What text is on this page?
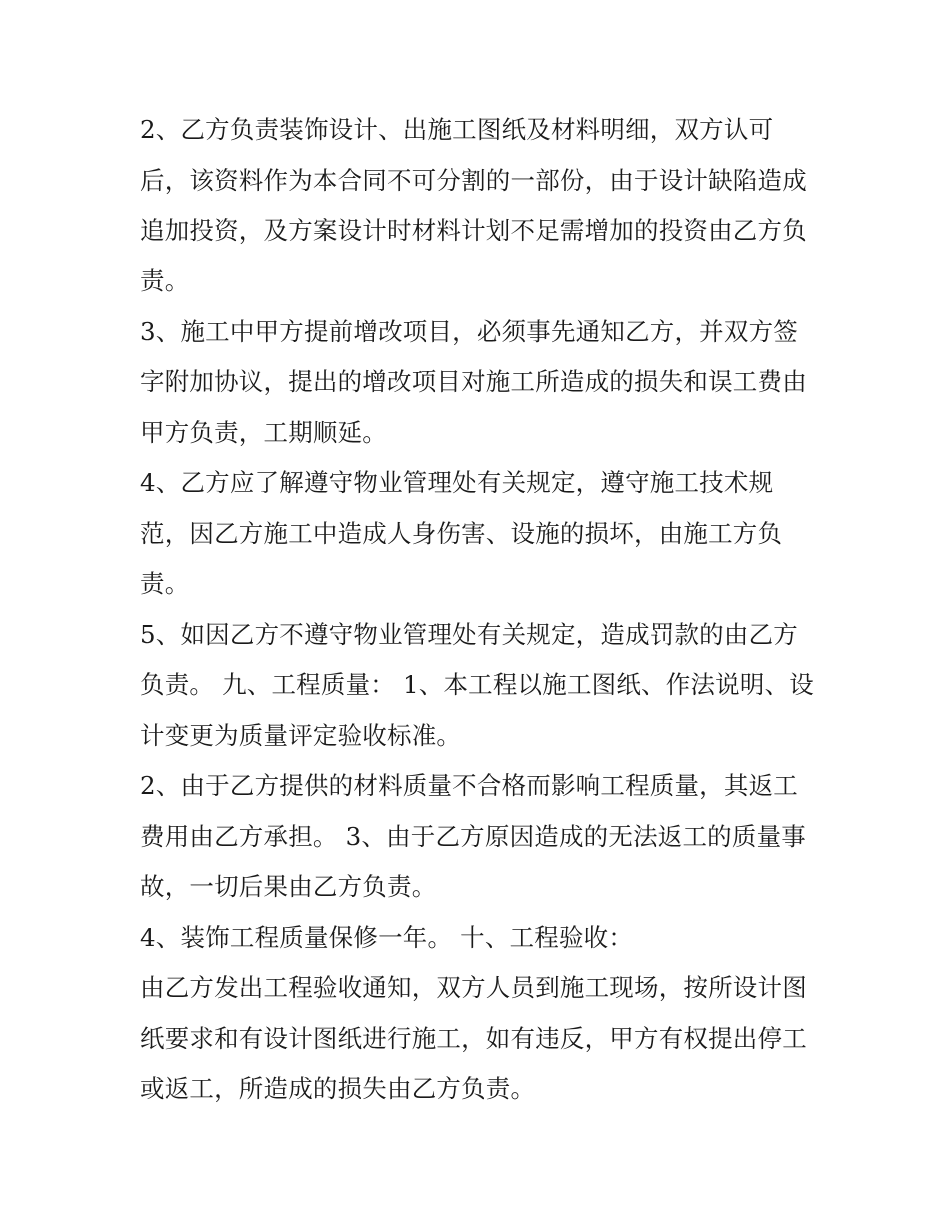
2、乙方负责装饰设计、出施工图纸及材料明细，双方认可
后，该资料作为本合同不可分割的一部份，由于设计缺陷造成
追加投资，及方案设计时材料计划不足需增加的投资由乙方负
责。
3、施工中甲方提前增改项目，必须事先通知乙方，并双方签
字附加协议，提出的增改项目对施工所造成的损失和误工费由
甲方负责，工期顺延。
4、乙方应了解遵守物业管理处有关规定，遵守施工技术规
范，因乙方施工中造成人身伤害、设施的损坏，由施工方负
责。
5、如因乙方不遵守物业管理处有关规定，造成罚款的由乙方
负责。 九、工程质量： 1、本工程以施工图纸、作法说明、设
计变更为质量评定验收标准。
2、由于乙方提供的材料质量不合格而影响工程质量，其返工
费用由乙方承担。 3、由于乙方原因造成的无法返工的质量事
故，一切后果由乙方负责。
4、装饰工程质量保修一年。 十、工程验收：
由乙方发出工程验收通知，双方人员到施工现场，按所设计图
纸要求和有设计图纸进行施工，如有违反，甲方有权提出停工
或返工，所造成的损失由乙方负责。
